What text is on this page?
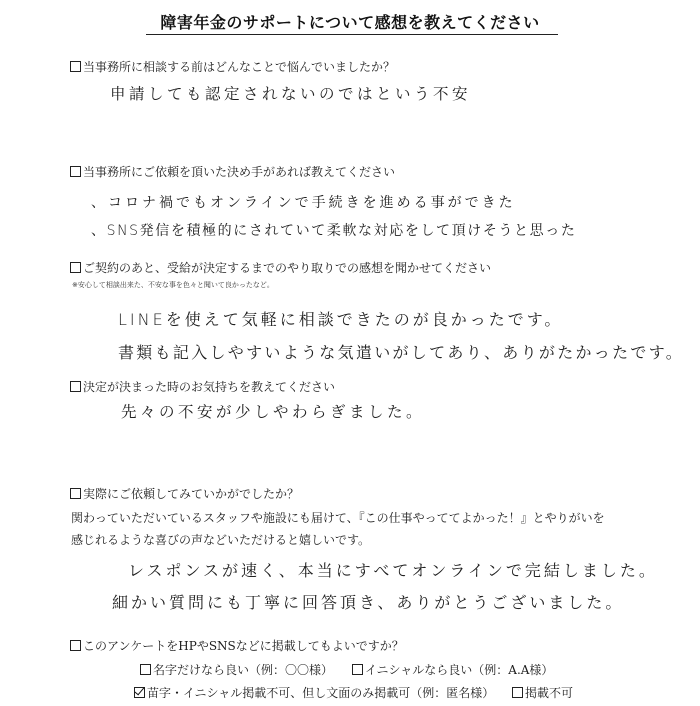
障害年金のサポートについて感想を教えてください
当事務所に相談する前はどんなことで悩んでいましたか？
申請しても認定されないのではという不安
当事務所にご依頼を頂いた決め手があれば教えてください
、コロナ禍でもオンラインで手続きを進める事ができた
、SNS発信を積極的にされていて柔軟な対応をして頂けそうと思った
ご契約のあと、受給が決定するまでのやり取りでの感想を聞かせてください
※安心して相談出来た、不安な事を色々と聞いて良かったなど。
LINEを使えて気軽に相談できたのが良かったです。
書類も記入しやすいような気遣いがしてあり、ありがたかったです。
決定が決まった時のお気持ちを教えてください
先々の不安が少しやわらぎました。
実際にご依頼してみていかがでしたか？
関わっていただいているスタッフや施設にも届けて、『この仕事やっててよかった！』とやりがいを
感じれるような喜びの声などいただけると嬉しいです。
レスポンスが速く、本当にすべてオンラインで完結しました。
細かい質問にも丁寧に回答頂き、ありがとうございました。
このアンケートをHPやSNSなどに掲載してもよいですか？
名字だけなら良い（例：〇〇様）	イニシャルなら良い（例：A.A様）
苗字・イニシャル掲載不可、但し文面のみ掲載可（例：匿名様）	掲載不可
